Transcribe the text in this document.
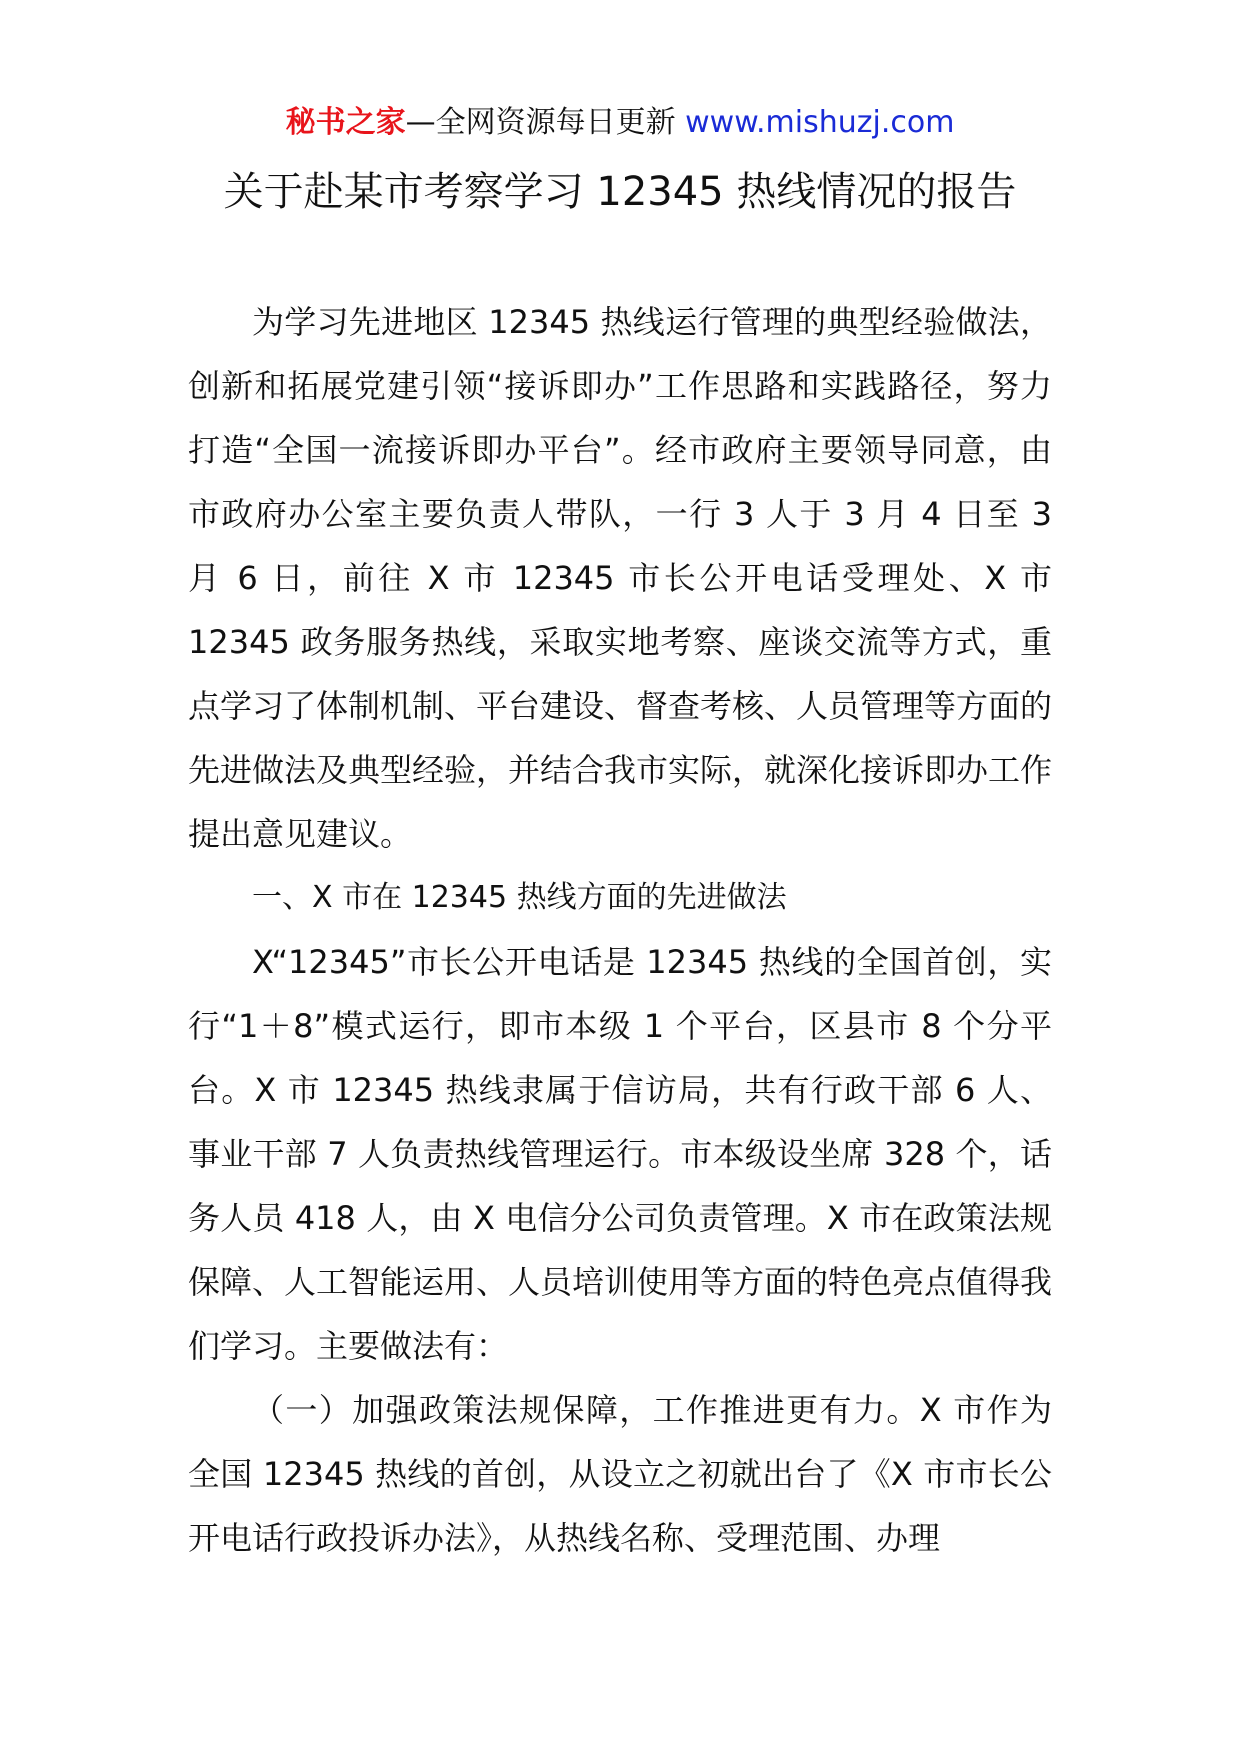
秘书之家—全网资源每日更新 www.mishuzj.com
关于赴某市考察学习 12345 热线情况的报告

为学习先进地区 12345 热线运行管理的典型经验做法，创新和拓展党建引领“接诉即办”工作思路和实践路径，努力打造“全国一流接诉即办平台”。经市政府主要领导同意，由市政府办公室主要负责人带队，一行 3 人于 3 月 4 日至 3 月 6 日，前往 X 市 12345 市长公开电话受理处、X 市 12345 政务服务热线，采取实地考察、座谈交流等方式，重点学习了体制机制、平台建设、督查考核、人员管理等方面的先进做法及典型经验，并结合我市实际，就深化接诉即办工作提出意见建议。

一、X 市在 12345 热线方面的先进做法

X“12345”市长公开电话是 12345 热线的全国首创，实行“1＋8”模式运行，即市本级 1 个平台，区县市 8 个分平台。X 市 12345 热线隶属于信访局，共有行政干部 6 人、事业干部 7 人负责热线管理运行。市本级设坐席 328 个，话务人员 418 人，由 X 电信分公司负责管理。X 市在政策法规保障、人工智能运用、人员培训使用等方面的特色亮点值得我们学习。主要做法有：

（一）加强政策法规保障，工作推进更有力。X 市作为全国 12345 热线的首创，从设立之初就出台了《X 市市长公开电话行政投诉办法》，从热线名称、受理范围、办理
